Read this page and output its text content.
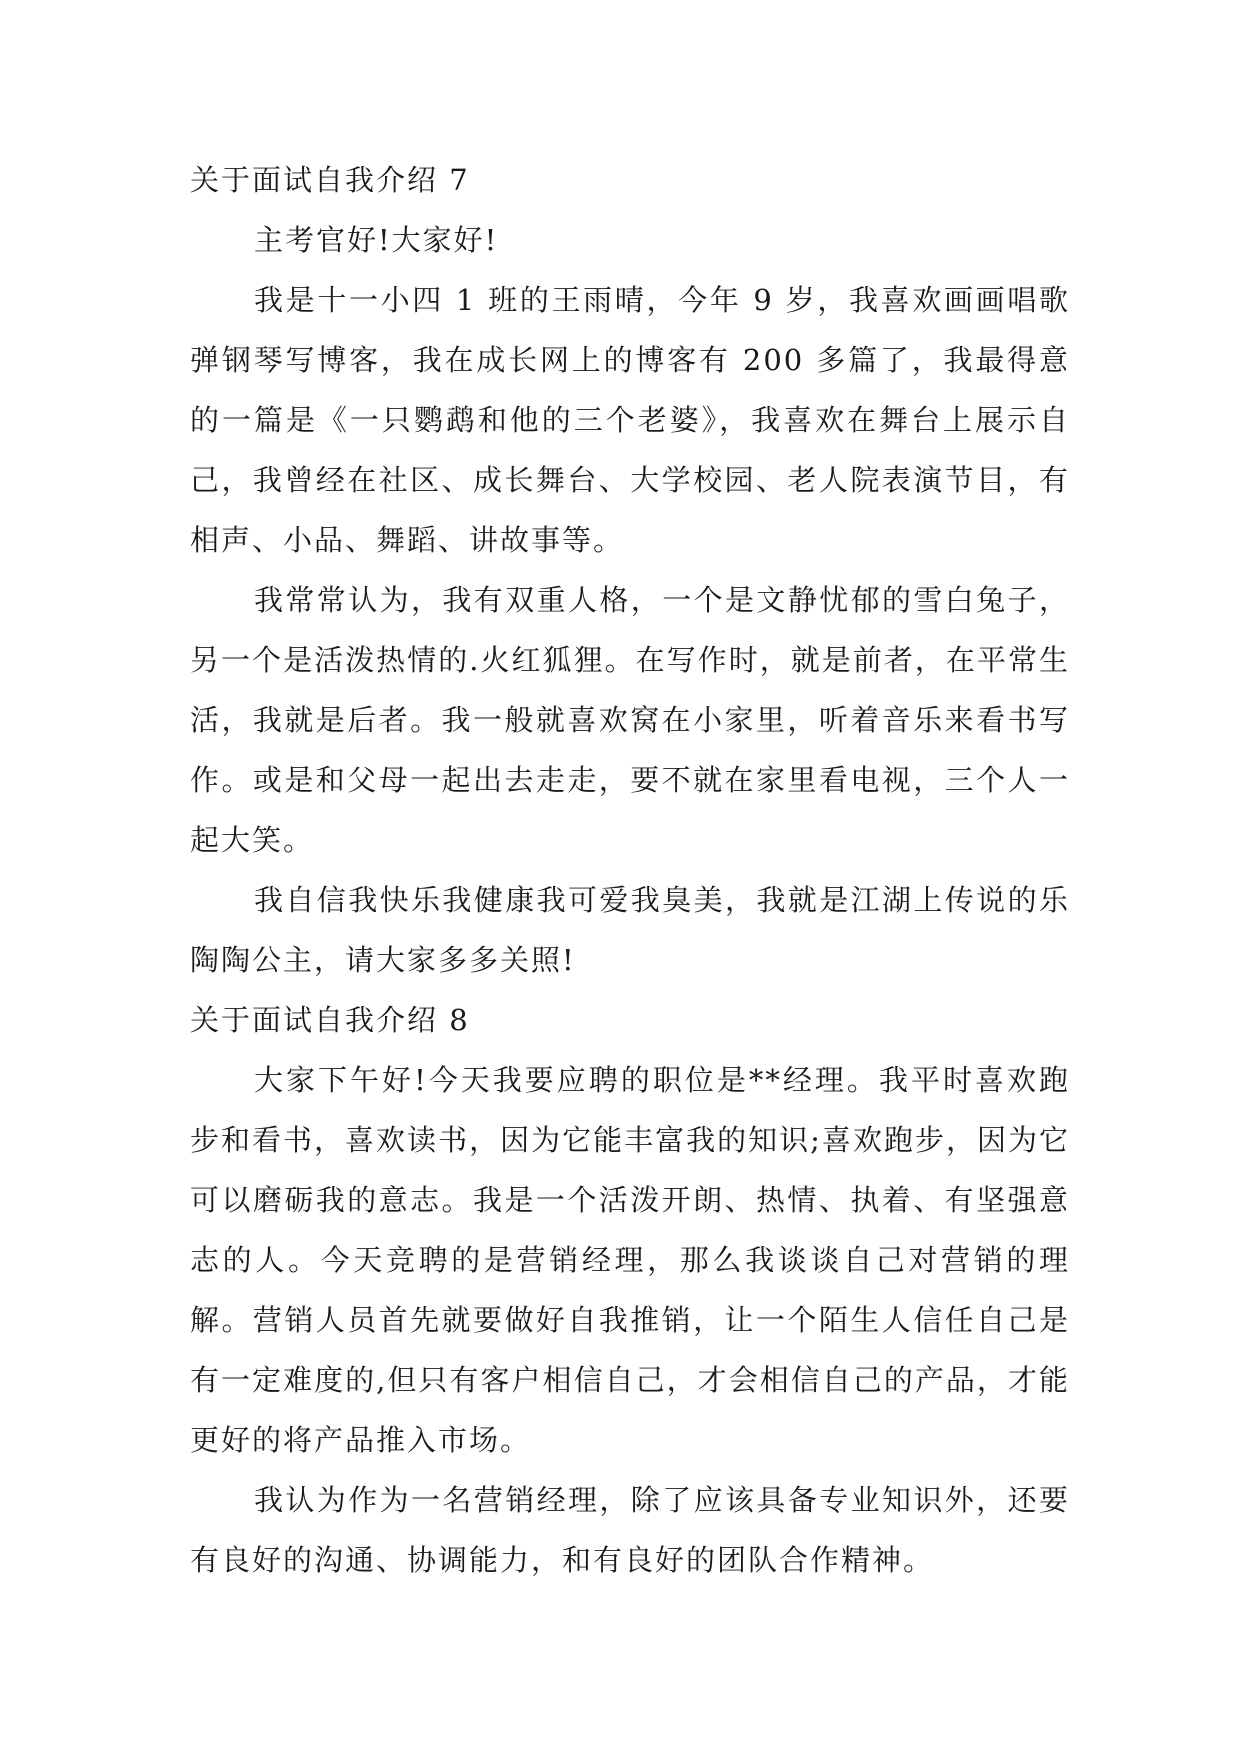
关于面试自我介绍 7

主考官好!大家好!

我是十一小四 1 班的王雨晴，今年 9 岁，我喜欢画画唱歌弹钢琴写博客，我在成长网上的博客有 200 多篇了，我最得意的一篇是《一只鹦鹉和他的三个老婆》，我喜欢在舞台上展示自己，我曾经在社区、成长舞台、大学校园、老人院表演节目，有相声、小品、舞蹈、讲故事等。

我常常认为，我有双重人格，一个是文静忧郁的雪白兔子，另一个是活泼热情的.火红狐狸。在写作时，就是前者，在平常生活，我就是后者。我一般就喜欢窝在小家里，听着音乐来看书写作。或是和父母一起出去走走，要不就在家里看电视，三个人一起大笑。

我自信我快乐我健康我可爱我臭美，我就是江湖上传说的乐陶陶公主，请大家多多关照!

关于面试自我介绍 8

大家下午好!今天我要应聘的职位是**经理。我平时喜欢跑步和看书，喜欢读书，因为它能丰富我的知识;喜欢跑步，因为它可以磨砺我的意志。我是一个活泼开朗、热情、执着、有坚强意志的人。今天竞聘的是营销经理，那么我谈谈自己对营销的理解。营销人员首先就要做好自我推销，让一个陌生人信任自己是有一定难度的,但只有客户相信自己，才会相信自己的产品，才能更好的将产品推入市场。

我认为作为一名营销经理，除了应该具备专业知识外，还要有良好的沟通、协调能力，和有良好的团队合作精神。
